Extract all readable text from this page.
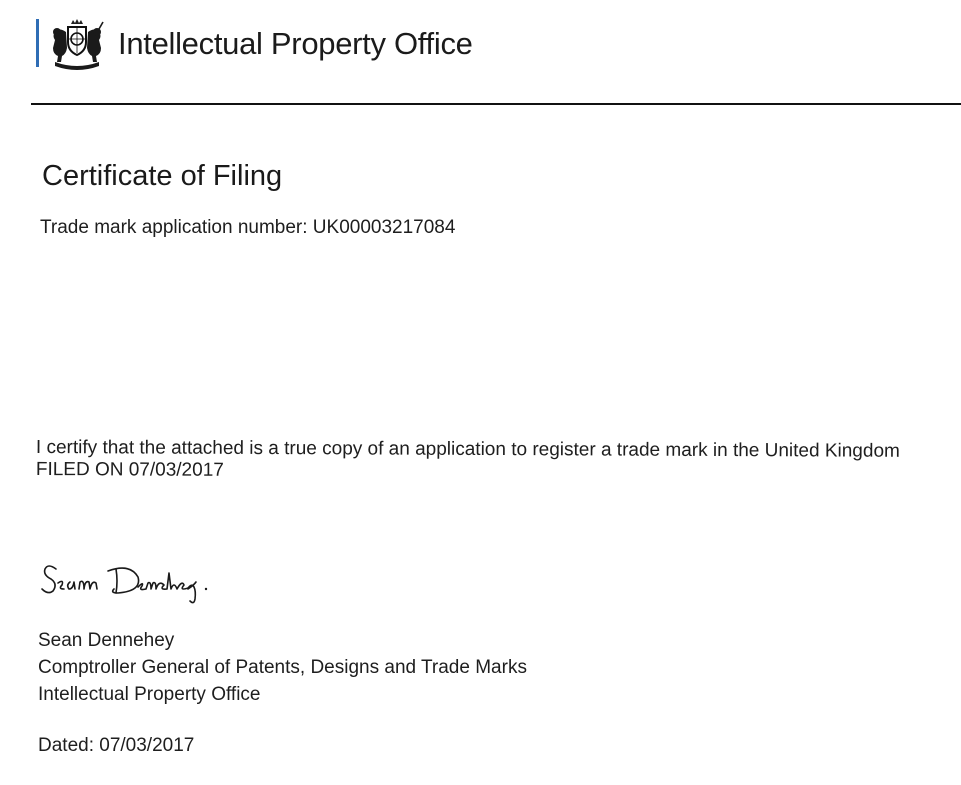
Intellectual Property Office
Certificate of Filing
Trade mark application number: UK00003217084
I certify that the attached is a true copy of an application to register a trade mark in the United Kingdom FILED ON 07/03/2017
Sean Dennehey
Comptroller General of Patents, Designs and Trade Marks
Intellectual Property Office
Dated: 07/03/2017
